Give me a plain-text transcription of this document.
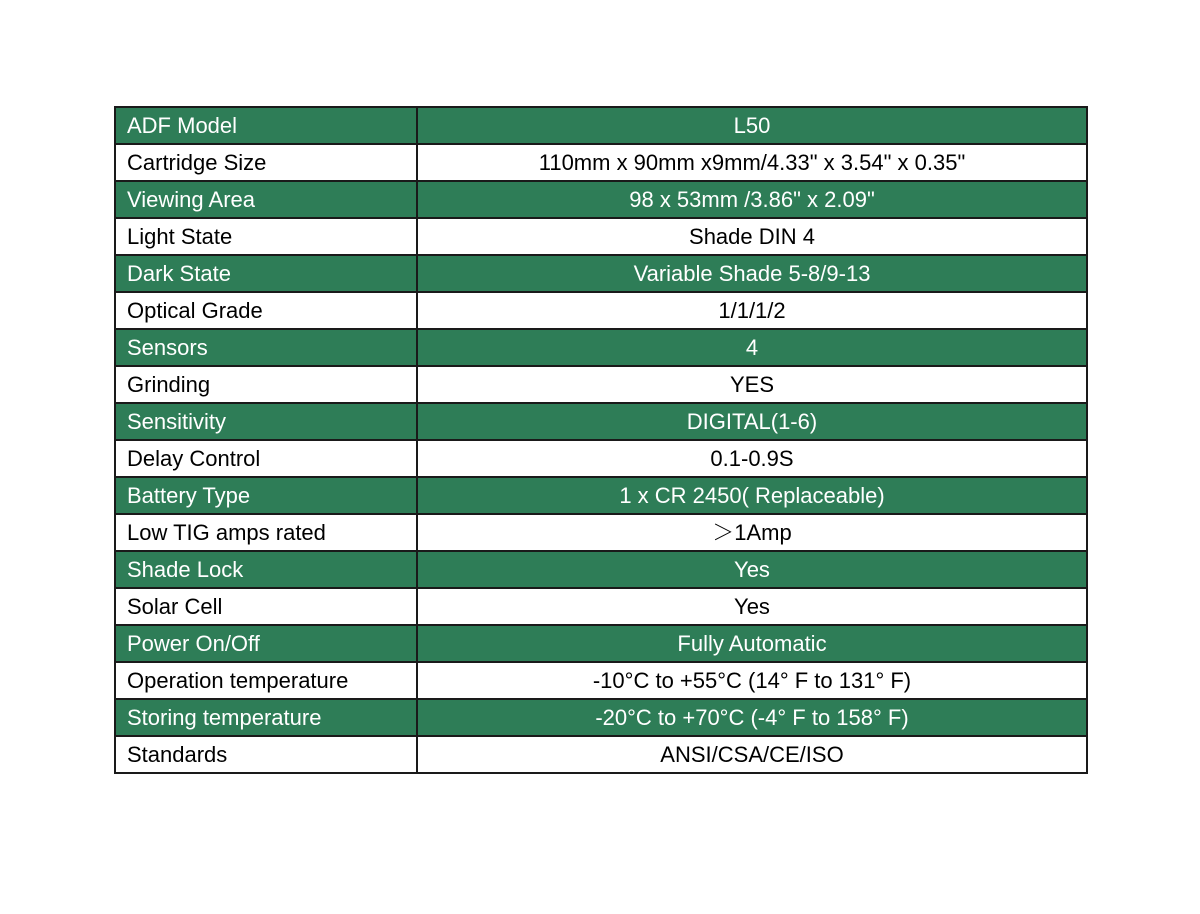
ADF Model	L50
Cartridge Size	110mm x 90mm x9mm/4.33" x 3.54" x 0.35"
Viewing Area	98 x 53mm /3.86" x 2.09"
Light State	Shade DIN 4
Dark State	Variable Shade 5-8/9-13
Optical Grade	1/1/1/2
Sensors	4
Grinding	YES
Sensitivity	DIGITAL(1-6)
Delay Control	0.1-0.9S
Battery Type	1 x CR 2450( Replaceable)
Low TIG amps rated	＞1Amp
Shade Lock	Yes
Solar Cell	Yes
Power On/Off	Fully Automatic
Operation temperature	-10°C to +55°C (14° F to 131° F)
Storing temperature	-20°C to +70°C (-4° F to 158° F)
Standards	ANSI/CSA/CE/ISO
